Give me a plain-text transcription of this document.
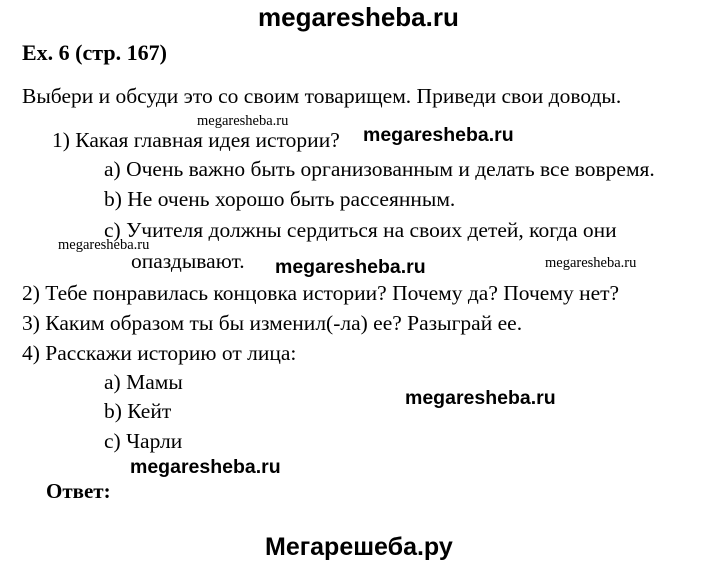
megaresheba.ru
Ex. 6 (стр. 167)
Выбери и обсуди это со своим товарищем. Приведи свои доводы.
1) Какая главная идея истории?
megaresheba.ru
megaresheba.ru
a) Очень важно быть организованным и делать все вовремя.
b) Не очень хорошо быть рассеянным.
c) Учителя должны сердиться на своих детей, когда они
megaresheba.ru
опаздывают. megaresheba.ru	megaresheba.ru
2) Тебе понравилась концовка истории? Почему да? Почему нет?
3) Каким образом ты бы изменил(-ла) ее? Разыграй ее.
4) Расскажи историю от лица:
a) Мамы
megaresheba.ru
b) Кейт
c) Чарли
megaresheba.ru
Ответ:
Мегарешеба.ру
